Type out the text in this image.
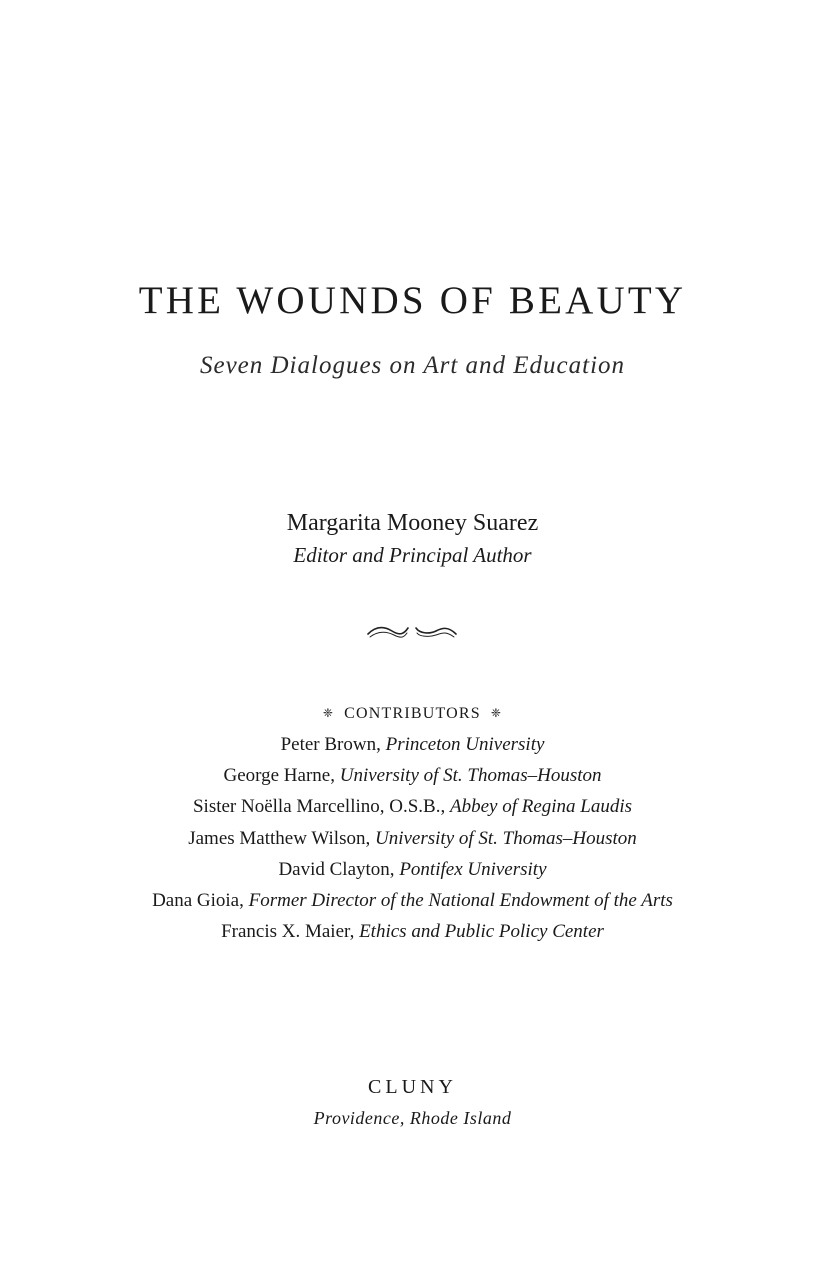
THE WOUNDS OF BEAUTY
Seven Dialogues on Art and Education
Margarita Mooney Suarez
Editor and Principal Author
❈ CONTRIBUTORS ❈
Peter Brown, Princeton University
George Harne, University of St. Thomas–Houston
Sister Noëlla Marcellino, O.S.B., Abbey of Regina Laudis
James Matthew Wilson, University of St. Thomas–Houston
David Clayton, Pontifex University
Dana Gioia, Former Director of the National Endowment of the Arts
Francis X. Maier, Ethics and Public Policy Center
CLUNY
Providence, Rhode Island
